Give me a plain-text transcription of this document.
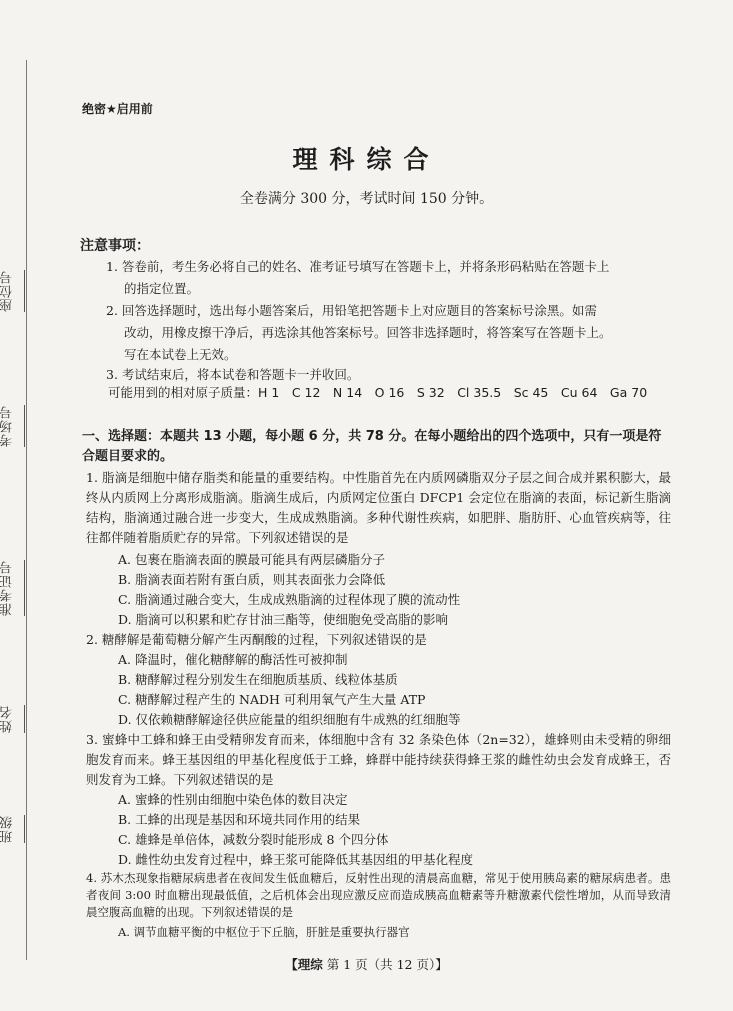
班级
姓名
准考证号
考场号
座位号
绝密★启用前
理科综合
全卷满分 300 分，考试时间 150 分钟。
注意事项：
1. 答卷前，考生务必将自己的姓名、准考证号填写在答题卡上，并将条形码粘贴在答题卡上
的指定位置。
2. 回答选择题时，选出每小题答案后，用铅笔把答题卡上对应题目的答案标号涂黑。如需
改动，用橡皮擦干净后，再选涂其他答案标号。回答非选择题时，将答案写在答题卡上。
写在本试卷上无效。
3. 考试结束后，将本试卷和答题卡一并收回。
可能用到的相对原子质量：H 1　C 12　N 14　O 16　S 32　Cl 35.5　Sc 45　Cu 64　Ga 70
一、选择题：本题共 13 小题，每小题 6 分，共 78 分。在每小题给出的四个选项中，只有一项是符合题目要求的。
1. 脂滴是细胞中储存脂类和能量的重要结构。中性脂首先在内质网磷脂双分子层之间合成并累积膨大，最终从内质网上分离形成脂滴。脂滴生成后，内质网定位蛋白 DFCP1 会定位在脂滴的表面，标记新生脂滴结构，脂滴通过融合进一步变大，生成成熟脂滴。多种代谢性疾病，如肥胖、脂肪肝、心血管疾病等，往往都伴随着脂质贮存的异常。下列叙述错误的是
A. 包裹在脂滴表面的膜最可能具有两层磷脂分子
B. 脂滴表面若附有蛋白质，则其表面张力会降低
C. 脂滴通过融合变大，生成成熟脂滴的过程体现了膜的流动性
D. 脂滴可以积累和贮存甘油三酯等，使细胞免受高脂的影响
2. 糖酵解是葡萄糖分解产生丙酮酸的过程，下列叙述错误的是
A. 降温时，催化糖酵解的酶活性可被抑制
B. 糖酵解过程分别发生在细胞质基质、线粒体基质
C. 糖酵解过程产生的 NADH 可利用氧气产生大量 ATP
D. 仅依赖糖酵解途径供应能量的组织细胞有牛成熟的红细胞等
3. 蜜蜂中工蜂和蜂王由受精卵发育而来，体细胞中含有 32 条染色体（2n=32），雄蜂则由未受精的卵细胞发育而来。蜂王基因组的甲基化程度低于工蜂，蜂群中能持续获得蜂王浆的雌性幼虫会发育成蜂王，否则发育为工蜂。下列叙述错误的是
A. 蜜蜂的性别由细胞中染色体的数目决定
B. 工蜂的出现是基因和环境共同作用的结果
C. 雄蜂是单倍体，减数分裂时能形成 8 个四分体
D. 雌性幼虫发育过程中，蜂王浆可能降低其基因组的甲基化程度
4. 苏木杰现象指糖尿病患者在夜间发生低血糖后，反射性出现的清晨高血糖，常见于使用胰岛素的糖尿病患者。患者夜间 3:00 时血糖出现最低值，之后机体会出现应激反应而造成胰高血糖素等升糖激素代偿性增加，从而导致清晨空腹高血糖的出现。下列叙述错误的是
A. 调节血糖平衡的中枢位于下丘脑，肝脏是重要执行器官
【理综 第 1 页（共 12 页）】
